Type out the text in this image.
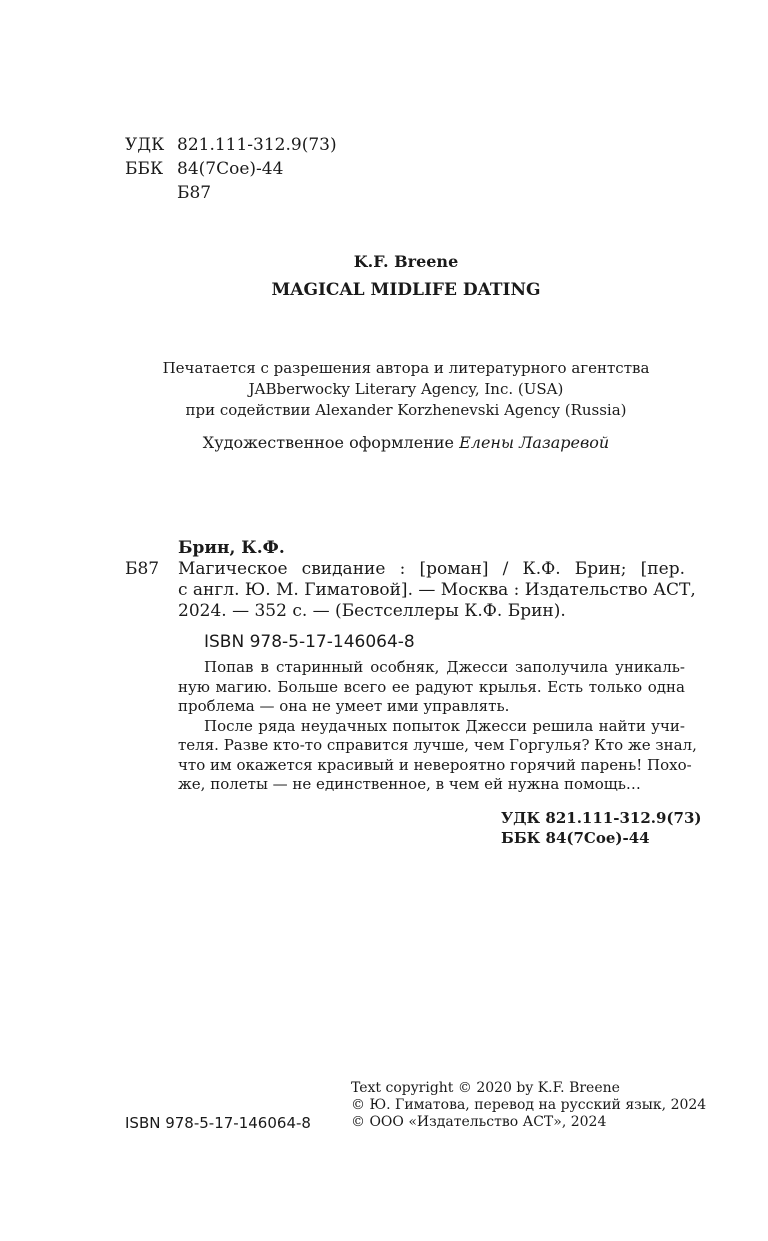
УДК 821.111-312.9(73)
ББК 84(7Сое)-44
Б87
K.F. Breene
MAGICAL MIDLIFE DATING
Печатается с разрешения автора и литературного агентства
JABberwocky Literary Agency, Inc. (USA)
при содействии Alexander Korzhenevski Agency (Russia)
Художественное оформление Елены Лазаревой
Брин, К.Ф.
Б87 Магическое свидание : [роман] / К.Ф. Брин; [пер.
с англ. Ю. М. Гиматовой]. — Москва : Издательство АСТ,
2024. — 352 с. — (Бестселлеры К.Ф. Брин).
ISBN 978-5-17-146064-8
Попав в старинный особняк, Джесси заполучила уникаль-
ную магию. Больше всего ее радуют крылья. Есть только одна
проблема — она не умеет ими управлять.
После ряда неудачных попыток Джесси решила найти учи-
теля. Разве кто-то справится лучше, чем Горгулья? Кто же знал,
что им окажется красивый и невероятно горячий парень! Похо-
же, полеты — не единственное, в чем ей нужна помощь…
УДК 821.111-312.9(73)
ББК 84(7Сое)-44
Text copyright © 2020 by K.F. Breene
© Ю. Гиматова, перевод на русский язык, 2024
© ООО «Издательство АСТ», 2024
ISBN 978-5-17-146064-8
